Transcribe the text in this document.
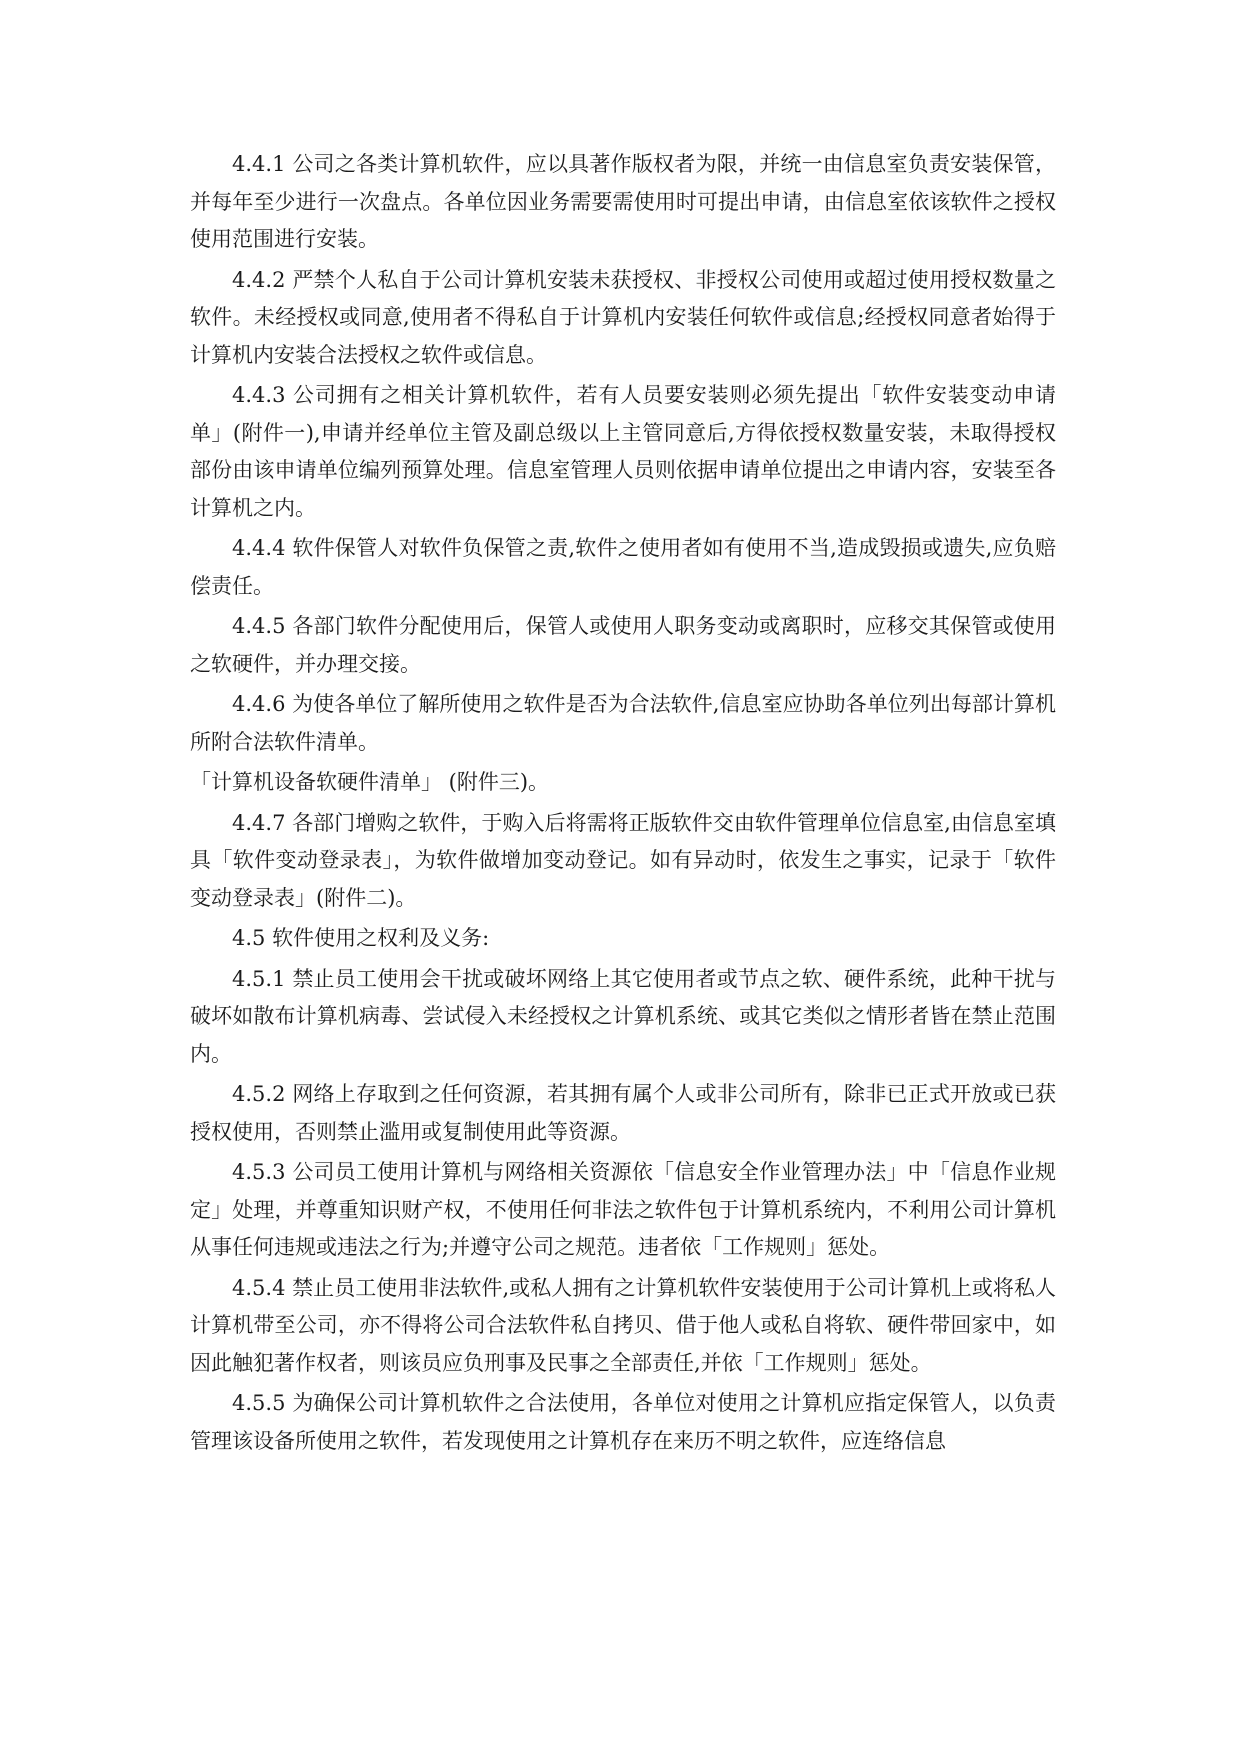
4.4.1 公司之各类计算机软件，应以具著作版权者为限，并统一由信息室负责安装保管，并每年至少进行一次盘点。各单位因业务需要需使用时可提出申请，由信息室依该软件之授权使用范围进行安装。

4.4.2 严禁个人私自于公司计算机安装未获授权、非授权公司使用或超过使用授权数量之软件。未经授权或同意,使用者不得私自于计算机内安装任何软件或信息;经授权同意者始得于计算机内安装合法授权之软件或信息。

4.4.3 公司拥有之相关计算机软件，若有人员要安装则必须先提出「软件安装变动申请单」(附件一),申请并经单位主管及副总级以上主管同意后,方得依授权数量安装，未取得授权部份由该申请单位编列预算处理。信息室管理人员则依据申请单位提出之申请内容，安装至各计算机之内。

4.4.4 软件保管人对软件负保管之责,软件之使用者如有使用不当,造成毁损或遗失,应负赔偿责任。

4.4.5 各部门软件分配使用后，保管人或使用人职务变动或离职时，应移交其保管或使用之软硬件，并办理交接。

4.4.6 为使各单位了解所使用之软件是否为合法软件,信息室应协助各单位列出每部计算机所附合法软件清单。

「计算机设备软硬件清单」 (附件三)。

4.4.7 各部门增购之软件，于购入后将需将正版软件交由软件管理单位信息室,由信息室填具「软件变动登录表」，为软件做增加变动登记。如有异动时，依发生之事实，记录于「软件变动登录表」(附件二)。

4.5 软件使用之权利及义务:

4.5.1 禁止员工使用会干扰或破坏网络上其它使用者或节点之软、硬件系统，此种干扰与破坏如散布计算机病毒、尝试侵入未经授权之计算机系统、或其它类似之情形者皆在禁止范围内。

4.5.2 网络上存取到之任何资源，若其拥有属个人或非公司所有，除非已正式开放或已获授权使用，否则禁止滥用或复制使用此等资源。

4.5.3 公司员工使用计算机与网络相关资源依「信息安全作业管理办法」中「信息作业规定」处理，并尊重知识财产权，不使用任何非法之软件包于计算机系统内，不利用公司计算机从事任何违规或违法之行为;并遵守公司之规范。违者依「工作规则」惩处。

4.5.4 禁止员工使用非法软件,或私人拥有之计算机软件安装使用于公司计算机上或将私人计算机带至公司，亦不得将公司合法软件私自拷贝、借于他人或私自将软、硬件带回家中，如因此触犯著作权者，则该员应负刑事及民事之全部责任,并依「工作规则」惩处。

4.5.5 为确保公司计算机软件之合法使用，各单位对使用之计算机应指定保管人，以负责管理该设备所使用之软件，若发现使用之计算机存在来历不明之软件，应连络信息
